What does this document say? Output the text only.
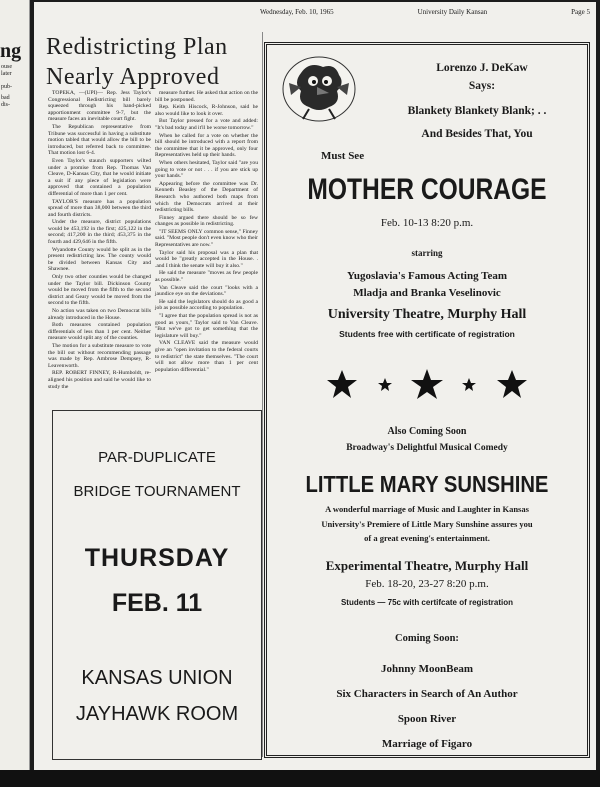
Wednesday, Feb. 10, 1965	University Daily Kansan	Page 5
Redistricting Plan
Nearly Approved

TOPEKA, —(UPI)— Rep. Jess Taylor's Congressional Redistricting bill barely squeezed through his hand-picked apportionment committee 9-7, but the measure faces an inevitable court fight.

The Republican representative from Tribune was successful in having a substitute motion tabled that would allow the bill to be introduced, but referred back to committee. That motion lost 6-4.

Even Taylor's staunch supporters wilted under a promise from Rep. Thomas Van Cleave, D-Kansas City, that he would initiate a suit if any piece of legislation were approved that contained a population differential of more than 1 per cent.

TAYLOR'S measure has a population spread of more than 38,000 between the third and fourth districts.

Under the measure, district populations would be 453,192 in the first; 425,122 in the second; 417,200 in the third; 453,375 in the fourth and 429,646 in the fifth.

Wyandotte County would be split as in the present redistricting law. The county would be divided between Kansas City and Shawnee.

Only two other counties would be changed under the Taylor bill. Dickinson County would be moved from the fifth to the second district and Geary would be moved from the second to the fifth.

No action was taken on two Democrat bills already introduced in the House.

Both measures contained population differentials of less than 1 per cent. Neither measure would split any of the counties.

The motion for a substitute measure to vote the bill out without recommending passage was made by Rep. Ambrose Dempsey, R-Leavenworth.

REP. ROBERT FINNEY, R-Humboldt, re-aligned his position and said he would like to study the

measure further. He asked that action on the bill be postponed.

Rep. Keith Hiscock, R-Johnson, said he also would like to look it over.

But Taylor pressed for a vote and added: "It's bad today and it'll be worse tomorrow."

When he called for a vote on whether the bill should be introduced with a report from the committee that it be approved, only four Representatives held up their hands.

When others hesitated, Taylor said "are you going to vote or not . . . if you are stick up your hands."

Appearing before the committee was Dr. Kenneth Beasley of the Department of Research who authored both maps from which the Democrats arrived at their redistricting bills.

Finney argued there should be so few changes as possible in redistricting.

"IT SEEMS ONLY common sense," Finney said. "Most people don't even know who their Representatives are now."

Taylor said his proposal was a plan that would be "greatly accepted in the House. . .and I think the senate will buy it also."

He said the measure "moves as few people as possible."

Van Cleave said the court "looks with a jaundice eye on the deviations."

He said the legislators should do as good a job as possible according to population.

"I agree that the population spread is not as good as yours," Taylor said to Van Cleave. "But we've got to get something that the legislature will buy."

VAN CLEAVE said the measure would give an "open invitation to the federal courts to redistrict" the state themselves. "The court will not allow more than 1 per cent population differential."

PAR-DUPLICATE
BRIDGE TOURNAMENT
THURSDAY
FEB. 11
KANSAS UNION
JAYHAWK ROOM
Lorenzo J. DeKaw
Says:
Blankety Blankety Blank; . .
And Besides That, You
Must See
MOTHER COURAGE
Feb. 10-13 8:20 p.m.
starring
Yugoslavia's Famous Acting Team
Mladja and Branka Veselinovic
University Theatre, Murphy Hall
Students free with certificate of registration
Also Coming Soon
Broadway's Delightful Musical Comedy
LITTLE MARY SUNSHINE
A wonderful marriage of Music and Laughter in Kansas
University's Premiere of Little Mary Sunshine assures you
of a great evening's entertainment.
Experimental Theatre, Murphy Hall
Feb. 18-20, 23-27 8:20 p.m.
Students — 75c with certifcate of registration
Coming Soon:
Johnny MoonBeam
Six Characters in Search of An Author
Spoon River
Marriage of Figaro
ng
ouse
later
pub-
bad
dis-
